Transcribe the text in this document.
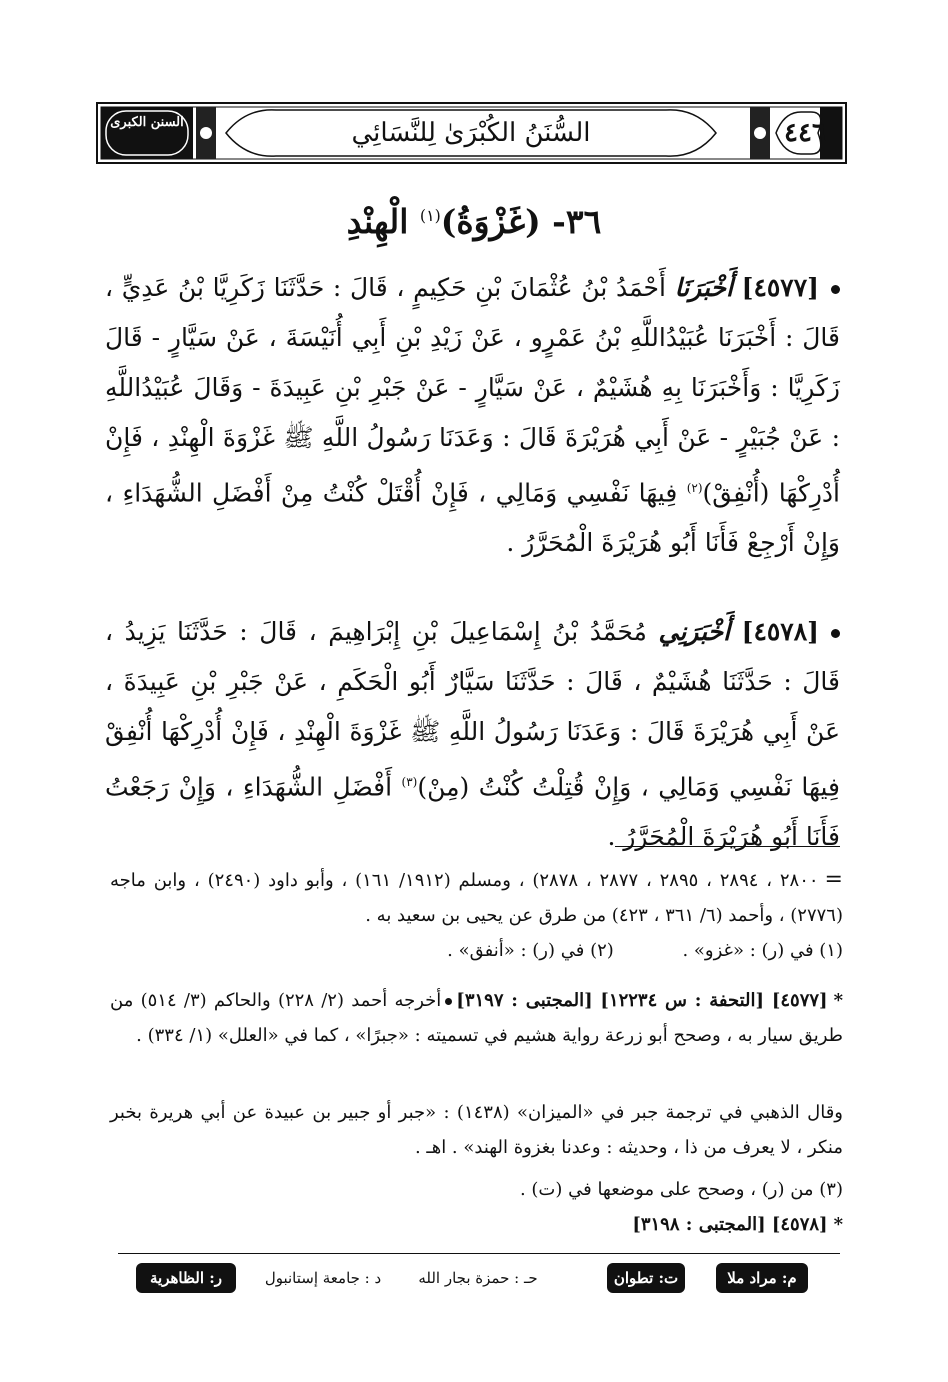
٤٤٦
السُّنَنُ الكُبْرَىٰ لِلنَّسَائِي
السنن الكبرى
٣٦- (غَزْوَةُ)$^{(١)}$ الْهِنْدِ
[٤٥٧٧] أَخْبَرَنَا أَحْمَدُ بْنُ عُثْمَانَ بْنِ حَكِيمٍ ، قَالَ : حَدَّثَنَا زَكَرِيَّا بْنُ عَدِيٍّ ، قَالَ : أَخْبَرَنَا عُبَيْدُاللَّهِ بْنُ عَمْرٍو ، عَنْ زَيْدِ بْنِ أَبِي أُنَيْسَةَ ، عَنْ سَيَّارٍ - قَالَ زَكَرِيَّا : وَأَخْبَرَنَا بِهِ هُشَيْمٌ ، عَنْ سَيَّارٍ - عَنْ جَبْرِ بْنِ عَبِيدَةَ - وَقَالَ عُبَيْدُاللَّهِ : عَنْ جُبَيْرٍ - عَنْ أَبِي هُرَيْرَةَ قَالَ : وَعَدَنَا رَسُولُ اللَّهِ ﷺ غَزْوَةَ الْهِنْدِ ، فَإِنْ أُدْرِكْهَا (أُنْفِقْ)$^{(٢)}$ فِيهَا نَفْسِي وَمَالِي ، فَإِنْ أُقْتَلْ كُنْتُ مِنْ أَفْضَلِ الشُّهَدَاءِ ، وَإِنْ أَرْجِعْ فَأَنَا أَبُو هُرَيْرَةَ الْمُحَرَّرُ .
[٤٥٧٨] أَخْبَرَنِي مُحَمَّدُ بْنُ إِسْمَاعِيلَ بْنِ إِبْرَاهِيمَ ، قَالَ : حَدَّثَنَا يَزِيدُ ، قَالَ : حَدَّثَنَا هُشَيْمٌ ، قَالَ : حَدَّثَنَا سَيَّارٌ أَبُو الْحَكَمِ ، عَنْ جَبْرِ بْنِ عَبِيدَةَ ، عَنْ أَبِي هُرَيْرَةَ قَالَ : وَعَدَنَا رَسُولُ اللَّهِ ﷺ غَزْوَةَ الْهِنْدِ ، فَإِنْ أُدْرِكْهَا أُنْفِقْ فِيهَا نَفْسِي وَمَالِي ، وَإِنْ قُتِلْتُ كُنْتُ (مِنْ)$^{(٣)}$ أَفْضَلِ الشُّهَدَاءِ ، وَإِنْ رَجَعْتُ فَأَنَا أَبُو هُرَيْرَةَ الْمُحَرَّرُ .

=٢٨٠٠ ، ٢٨٩٤ ، ٢٨٩٥ ، ٢٨٧٧ ، ٢٨٧٨) ، ومسلم (١٩١٢/ ١٦١) ، وأبو داود (٢٤٩٠) ، وابن ماجه (٢٧٧٦) ، وأحمد (٦/ ٣٦١ ، ٤٢٣) من طرق عن يحيى بن سعيد به .

(١) في (ر) : «غزو» .            (٢) في (ر) : «أنفق» .

*[٤٥٧٧] [التحفة : س ١٢٢٣٤] [المجتبى : ٣١٩٧]أخرجه أحمد (٢/ ٢٢٨) والحاكم (٣/ ٥١٤) من طريق سيار به ، وصحح أبو زرعة رواية هشيم في تسميته : «جبرًا» ، كما في «العلل» (١/ ٣٣٤) .

وقال الذهبي في ترجمة جبر في «الميزان» (١٤٣٨) : «جبر أو جبير بن عبيدة عن أبي هريرة بخبر منكر ، لا يعرف من ذا ، وحديثه : وعدنا بغزوة الهند» . اهـ .

(٣) من (ر) ، وصحح على موضعها في (ت) .

*[٤٥٧٨] [المجتبى : ٣١٩٨]

م: مراد ملا
ت: تطوان
حـ : حمزة بجار الله
د : جامعة إستانبول
ر: الظاهرية
